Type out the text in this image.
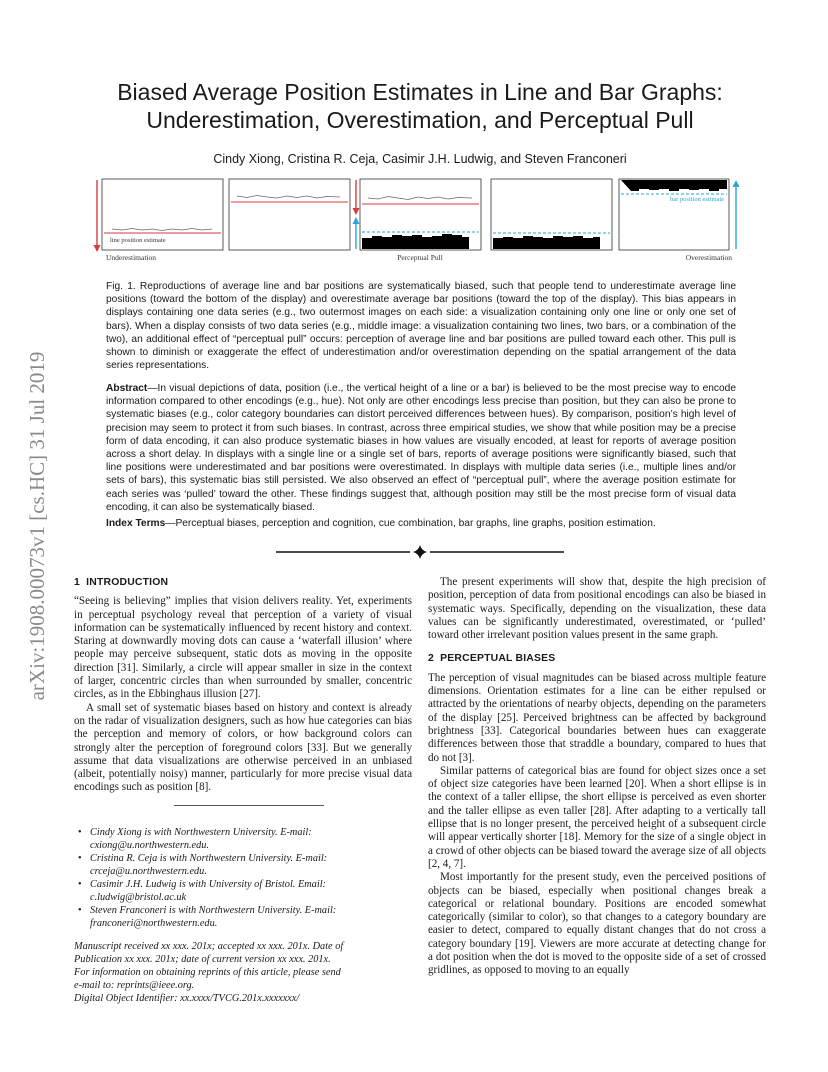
arXiv:1908.00073v1 [cs.HC] 31 Jul 2019
Biased Average Position Estimates in Line and Bar Graphs: Underestimation, Overestimation, and Perceptual Pull

Cindy Xiong, Cristina R. Ceja, Casimir J.H. Ludwig, and Steven Franconeri

line position estimate
bar position estimate
Underestimation	Perceptual Pull	Overestimation

Fig. 1. Reproductions of average line and bar positions are systematically biased, such that people tend to underestimate average line positions (toward the bottom of the display) and overestimate average bar positions (toward the top of the display). This bias appears in displays containing one data series (e.g., two outermost images on each side: a visualization containing only one line or only one set of bars). When a display consists of two data series (e.g., middle image: a visualization containing two lines, two bars, or a combination of the two), an additional effect of “perceptual pull” occurs: perception of average line and bar positions are pulled toward each other. This pull is shown to diminish or exaggerate the effect of underestimation and/or overestimation depending on the spatial arrangement of the data series representations.

Abstract—In visual depictions of data, position (i.e., the vertical height of a line or a bar) is believed to be the most precise way to encode information compared to other encodings (e.g., hue). Not only are other encodings less precise than position, but they can also be prone to systematic biases (e.g., color category boundaries can distort perceived differences between hues). By comparison, position’s high level of precision may seem to protect it from such biases. In contrast, across three empirical studies, we show that while position may be a precise form of data encoding, it can also produce systematic biases in how values are visually encoded, at least for reports of average position across a short delay. In displays with a single line or a single set of bars, reports of average positions were significantly biased, such that line positions were underestimated and bar positions were overestimated. In displays with multiple data series (i.e., multiple lines and/or sets of bars), this systematic bias still persisted. We also observed an effect of “perceptual pull”, where the average position estimate for each series was ‘pulled’ toward the other. These findings suggest that, although position may still be the most precise form of visual data encoding, it can also be systematically biased.

Index Terms—Perceptual biases, perception and cognition, cue combination, bar graphs, line graphs, position estimation.

1 INTRODUCTION

“Seeing is believing” implies that vision delivers reality. Yet, experiments in perceptual psychology reveal that perception of a variety of visual information can be systematically influenced by recent history and context. Staring at downwardly moving dots can cause a ‘waterfall illusion’ where people may perceive subsequent, static dots as moving in the opposite direction [31]. Similarly, a circle will appear smaller in size in the context of larger, concentric circles than when surrounded by smaller, concentric circles, as in the Ebbinghaus illusion [27].

A small set of systematic biases based on history and context is already on the radar of visualization designers, such as how hue categories can bias the perception and memory of colors, or how background colors can strongly alter the perception of foreground colors [33]. But we generally assume that data visualizations are otherwise perceived in an unbiased (albeit, potentially noisy) manner, particularly for more precise visual data encodings such as position [8].

• Cindy Xiong is with Northwestern University. E-mail: cxiong@u.northwestern.edu.
• Cristina R. Ceja is with Northwestern University. E-mail: crceja@u.northwestern.edu.
• Casimir J.H. Ludwig is with University of Bristol. Email: c.ludwig@bristol.ac.uk
• Steven Franconeri is with Northwestern University. E-mail: franconeri@northwestern.edu.
Manuscript received xx xxx. 201x; accepted xx xxx. 201x. Date of
Publication xx xxx. 201x; date of current version xx xxx. 201x.
For information on obtaining reprints of this article, please send
e-mail to: reprints@ieee.org.
Digital Object Identifier: xx.xxxx/TVCG.201x.xxxxxxx/

The present experiments will show that, despite the high precision of position, perception of data from positional encodings can also be biased in systematic ways. Specifically, depending on the visualization, these data values can be significantly underestimated, overestimated, or ‘pulled’ toward other irrelevant position values present in the same graph.

2 PERCEPTUAL BIASES

The perception of visual magnitudes can be biased across multiple feature dimensions. Orientation estimates for a line can be either repulsed or attracted by the orientations of nearby objects, depending on the parameters of the display [25]. Perceived brightness can be affected by background brightness [33]. Categorical boundaries between hues can exaggerate differences between those that straddle a boundary, compared to hues that do not [3].

Similar patterns of categorical bias are found for object sizes once a set of object size categories have been learned [20]. When a short ellipse is in the context of a taller ellipse, the short ellipse is perceived as even shorter and the taller ellipse as even taller [28]. After adapting to a vertically tall ellipse that is no longer present, the perceived height of a subsequent circle will appear vertically shorter [18]. Memory for the size of a single object in a crowd of other objects can be biased toward the average size of all objects [2, 4, 7].

Most importantly for the present study, even the perceived positions of objects can be biased, especially when positional changes break a categorical or relational boundary. Positions are encoded somewhat categorically (similar to color), so that changes to a category boundary are easier to detect, compared to equally distant changes that do not cross a category boundary [19]. Viewers are more accurate at detecting change for a dot position when the dot is moved to the opposite side of a set of crossed gridlines, as opposed to moving to an equally
